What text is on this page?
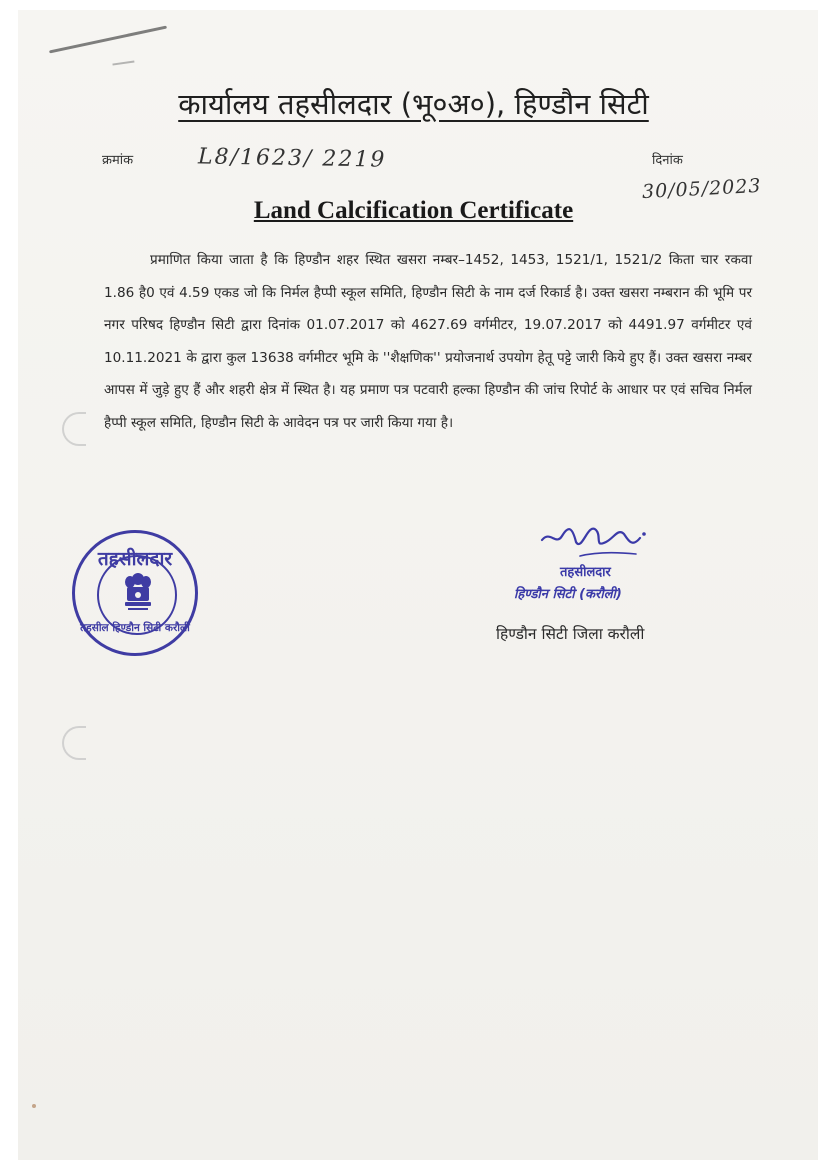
कार्यालय तहसीलदार (भू०अ०), हिण्डौन सिटी
क्रमांक	L8/1623/ 2219	दिनांक
30/05/2023
Land Calcification Certificate
प्रमाणित किया जाता है कि हिण्डौन शहर स्थित खसरा नम्बर–1452, 1453, 1521/1, 1521/2 किता चार रकवा 1.86 है0 एवं 4.59 एकड जो कि निर्मल हैप्पी स्कूल समिति, हिण्डौन सिटी के नाम दर्ज रिकार्ड है। उक्त खसरा नम्बरान की भूमि पर नगर परिषद हिण्डौन सिटी द्वारा दिनांक 01.07.2017 को 4627.69 वर्गमीटर, 19.07.2017 को 4491.97 वर्गमीटर एवं 10.11.2021 के द्वारा कुल 13638 वर्गमीटर भूमि के ''शैक्षणिक'' प्रयोजनार्थ उपयोग हेतू पट्टे जारी किये हुए हैं। उक्त खसरा नम्बर आपस में जुड़े हुए हैं और शहरी क्षेत्र में स्थित है। यह प्रमाण पत्र पटवारी हल्का हिण्डौन की जांच रिपोर्ट के आधार पर एवं सचिव निर्मल हैप्पी स्कूल समिति, हिण्डौन सिटी के आवेदन पत्र पर जारी किया गया है।
तहसीलदार
तहसील हिण्डौन सिटी करौली
तहसीलदार
हिण्डौन सिटी (करौली)
हिण्डौन सिटी जिला करौली
